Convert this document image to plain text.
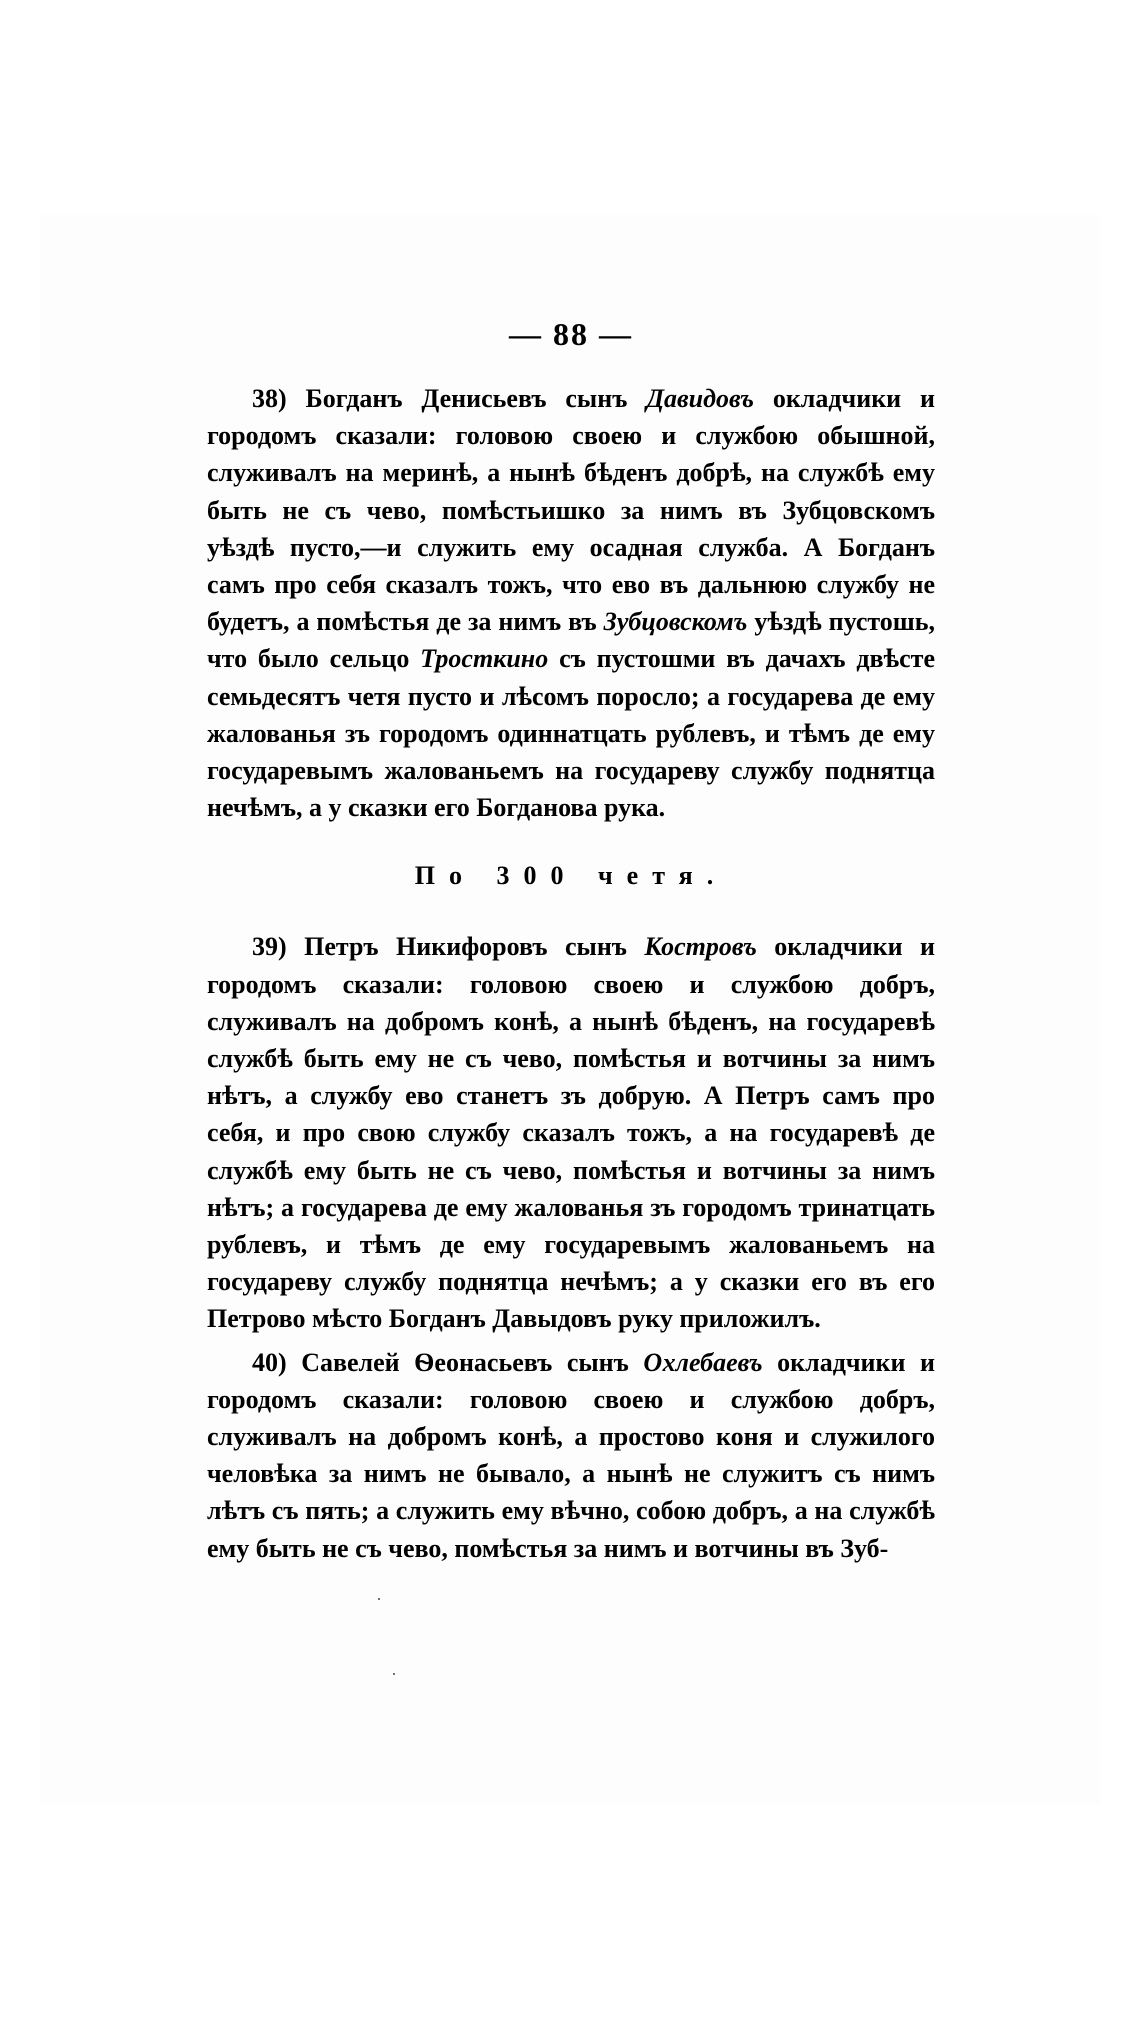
— 88 —

38) Богданъ Денисьевъ сынъ Давидовъ окладчики и городомъ сказали: головою своею и службою обышной, служивалъ на меринѣ, а нынѣ бѣденъ добрѣ, на службѣ ему быть не съ чево, помѣстьишко за нимъ въ Зубцовскомъ уѣздѣ пусто,—и служить ему осадная служба. А Богданъ самъ про себя сказалъ тожъ, что ево въ дальнюю службу не будетъ, а помѣстья де за нимъ въ Зубцовскомъ уѣздѣ пустошь, что было сельцо Тросткино съ пустошми въ дачахъ двѣсте семьдесятъ четя пусто и лѣсомъ поросло; а государева де ему жалованья зъ городомъ одиннатцать рублевъ, и тѣмъ де ему государевымъ жалованьемъ на государеву службу поднятца нечѣмъ, а у сказки его Богданова рука.

По 300 четя.

39) Петръ Никифоровъ сынъ Костровъ окладчики и городомъ сказали: головою своею и службою добръ, служивалъ на добромъ конѣ, а нынѣ бѣденъ, на государевѣ службѣ быть ему не съ чево, помѣстья и вотчины за нимъ нѣтъ, а службу ево станетъ зъ добрую. А Петръ самъ про себя, и про свою службу сказалъ тожъ, а на государевѣ де службѣ ему быть не съ чево, помѣстья и вотчины за нимъ нѣтъ; а государева де ему жалованья зъ городомъ тринатцать рублевъ, и тѣмъ де ему государевымъ жалованьемъ на государеву службу поднятца нечѣмъ; а у сказки его въ его Петрово мѣсто Богданъ Давыдовъ руку приложилъ.

40) Савелей Ѳеонасьевъ сынъ Охлебаевъ окладчики и городомъ сказали: головою своею и службою добръ, служивалъ на добромъ конѣ, а простово коня и служилого человѣка за нимъ не бывало, а нынѣ не служитъ съ нимъ лѣтъ съ пять; а служить ему вѣчно, собою добръ, а на службѣ ему быть не съ чево, помѣстья за нимъ и вотчины въ Зуб-
